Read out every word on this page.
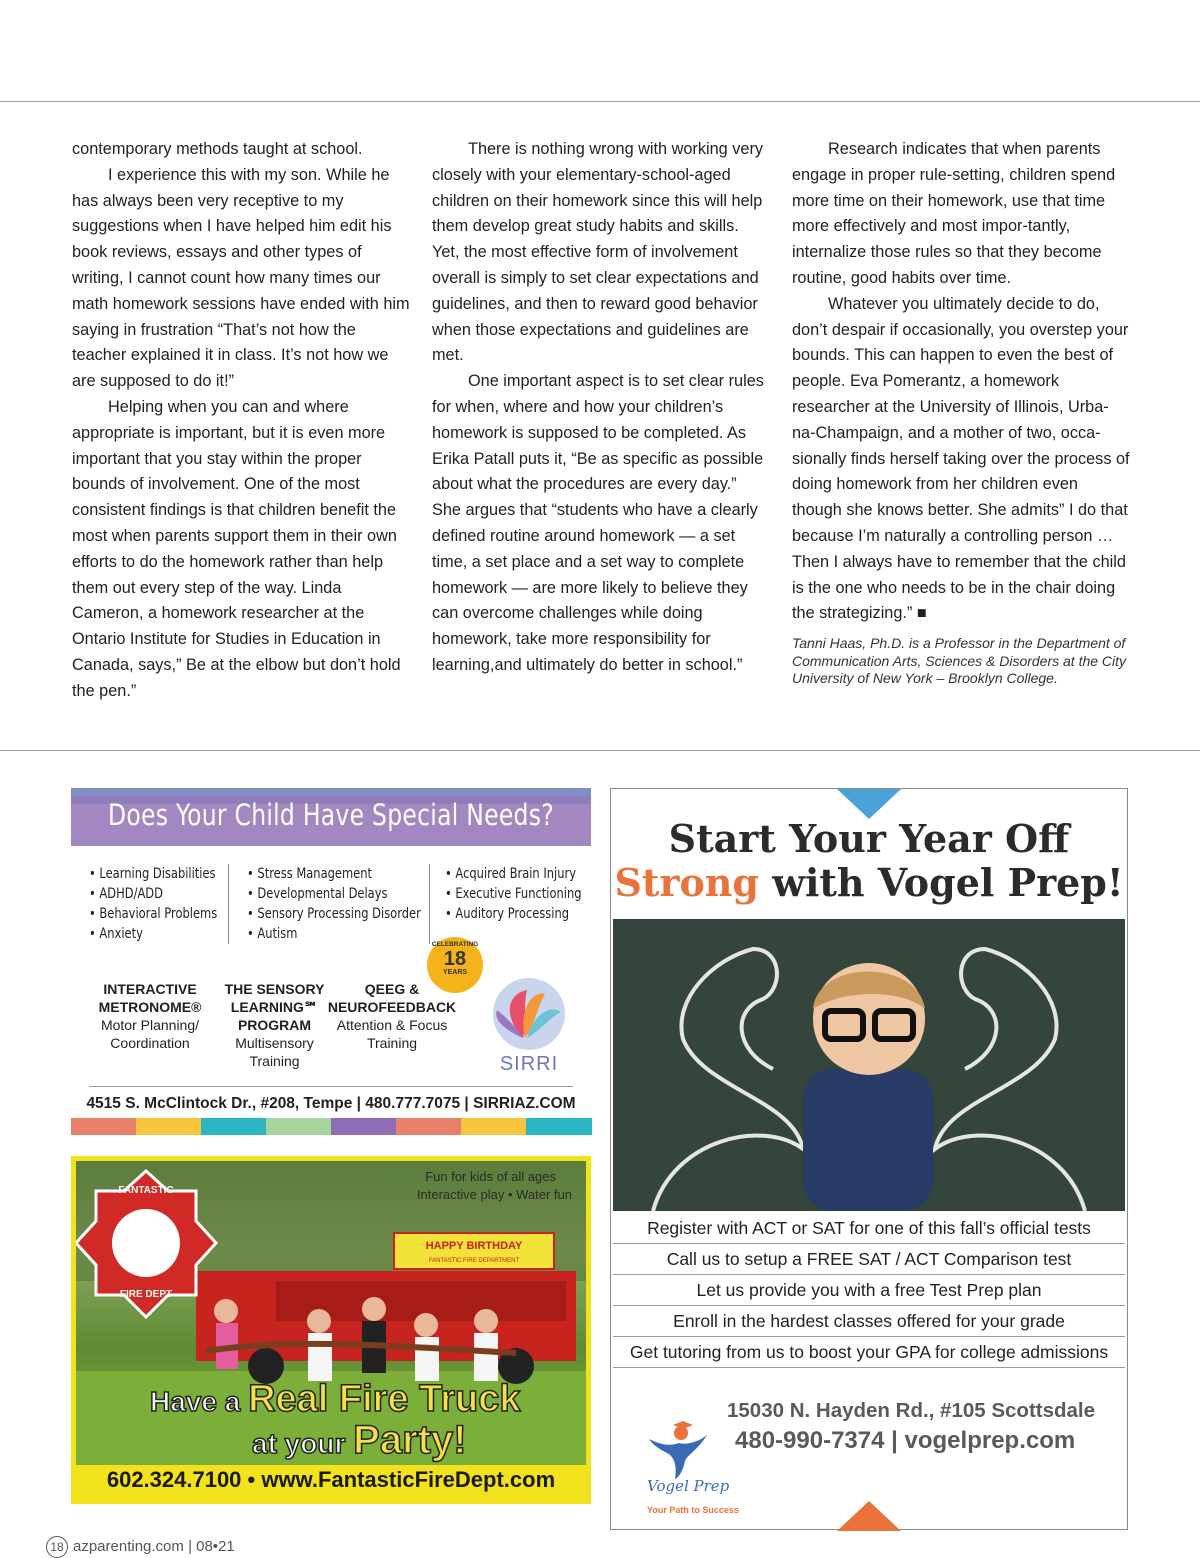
contemporary methods taught at school.

I experience this with my son. While he has always been very receptive to my suggestions when I have helped him edit his book reviews, essays and other types of writing, I cannot count how many times our math homework sessions have ended with him saying in frustration “That’s not how the teacher explained it in class. It’s not how we are supposed to do it!”

Helping when you can and where appropriate is important, but it is even more important that you stay within the proper bounds of involvement. One of the most consistent findings is that children benefit the most when parents support them in their own efforts to do the homework rather than help them out every step of the way. Linda Cameron, a homework researcher at the Ontario Institute for Studies in Education in Canada, says,” Be at the elbow but don’t hold the pen.”

There is nothing wrong with working very closely with your elementary-school-aged children on their homework since this will help them develop great study habits and skills. Yet, the most effective form of involvement overall is simply to set clear expectations and guidelines, and then to reward good behavior when those expectations and guidelines are met.

One important aspect is to set clear rules for when, where and how your children’s homework is supposed to be completed. As Erika Patall puts it, “Be as specific as possible about what the procedures are every day.” She argues that “students who have a clearly defined routine around homework — a set time, a set place and a set way to complete homework — are more likely to believe they can overcome challenges while doing homework, take more responsibility for learning,and ultimately do better in school.”

Research indicates that when parents engage in proper rule-setting, children spend more time on their homework, use that time more effectively and most impor-tantly, internalize those rules so that they become routine, good habits over time.

Whatever you ultimately decide to do, don’t despair if occasionally, you overstep your bounds. This can happen to even the best of people. Eva Pomerantz, a homework researcher at the University of Illinois, Urba-na-Champaign, and a mother of two, occa-sionally finds herself taking over the process of doing homework from her children even though she knows better. She admits” I do that because I’m naturally a controlling person … Then I always have to remember that the child is the one who needs to be in the chair doing the strategizing.” ■

Tanni Haas, Ph.D. is a Professor in the Department of Communication Arts, Sciences & Disorders at the City University of New York – Brooklyn College.

Does Your Child Have Special Needs?
• Learning Disabilities
• ADHD/ADD
• Behavioral Problems
• Anxiety
• Stress Management
• Developmental Delays
• Sensory Processing Disorder
• Autism
• Acquired Brain Injury
• Executive Functioning
• Auditory Processing
CELEBRATING
18
YEARS
INTERACTIVE METRONOME®
Motor Planning/ Coordination
THE SENSORY LEARNING℠ PROGRAM
Multisensory Training
QEEG & NEUROFEEDBACK
Attention & Focus Training
SIRRI
4515 S. McClintock Dr., #208, Tempe | 480.777.7075 | SIRRIAZ.COM
HAPPY BIRTHDAY
FANTASTIC FIRE DEPARTMENT
FANTASTIC
FIRE DEPT
Fun for kids of all ages
Interactive play • Water fun
Have a Real Fire Truck
at your Party!
602.324.7100 • www.FantasticFireDept.com
Start Your Year Off
Strong with Vogel Prep!
Register with ACT or SAT for one of this fall’s official tests
Call us to setup a FREE SAT / ACT Comparison test
Let us provide you with a free Test Prep plan
Enroll in the hardest classes offered for your grade
Get tutoring from us to boost your GPA for college admissions
Vogel Prep
Your Path to Success
15030 N. Hayden Rd., #105 Scottsdale
480-990-7374 | vogelprep.com
18 azparenting.com | 08•21
